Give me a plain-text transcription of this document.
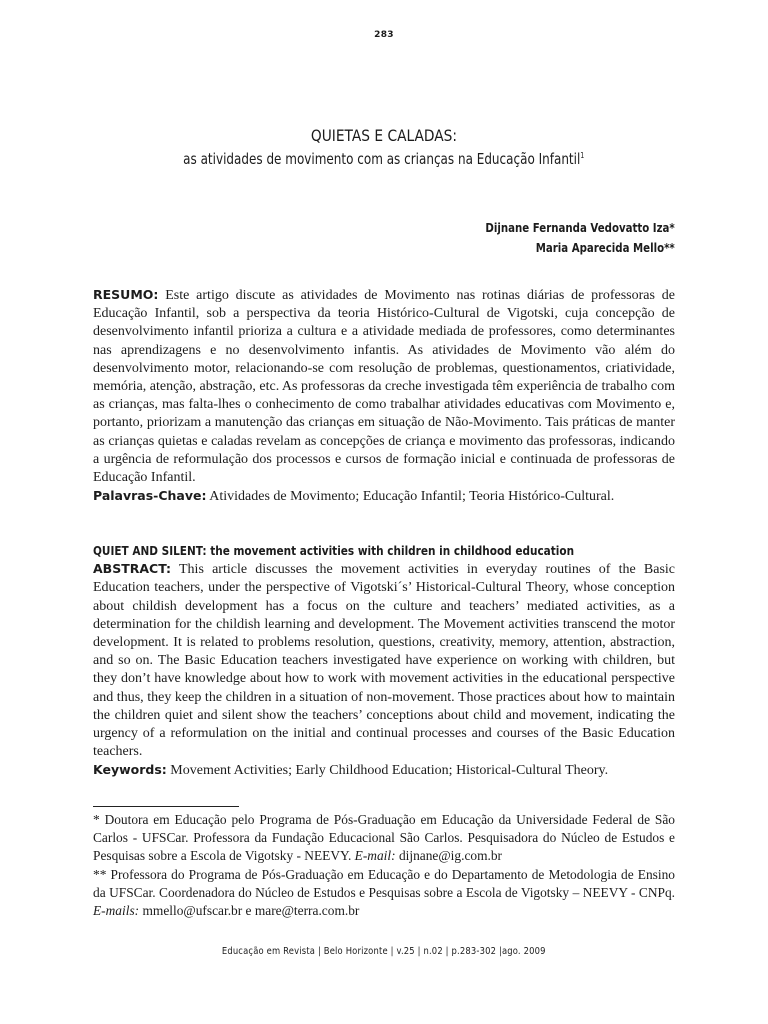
283
QUIETAS E CALADAS:
as atividades de movimento com as crianças na Educação Infantil$^1$
Dijnane Fernanda Vedovatto Iza*
Maria Aparecida Mello**
RESUMO: Este artigo discute as atividades de Movimento nas rotinas diárias de professoras de Educação Infantil, sob a perspectiva da teoria Histórico-Cultural de Vigotski, cuja concepção de desenvolvimento infantil prioriza a cultura e a atividade mediada de professores, como determinantes nas aprendizagens e no desenvolvimento infantis. As atividades de Movimento vão além do desenvolvimento motor, relacionando-se com resolução de problemas, questionamentos, criatividade, memória, atenção, abstração, etc. As professoras da creche investigada têm experiência de trabalho com as crianças, mas falta-lhes o conhecimento de como trabalhar atividades educativas com Movimento e, portanto, priorizam a manutenção das crianças em situação de Não-Movimento. Tais práticas de manter as crianças quietas e caladas revelam as concepções de criança e movimento das professoras, indicando a urgência de reformulação dos processos e cursos de formação inicial e continuada de professoras de Educação Infantil.
Palavras-Chave: Atividades de Movimento; Educação Infantil; Teoria Histórico-Cultural.
QUIET AND SILENT: the movement activities with children in childhood education
ABSTRACT: This article discusses the movement activities in everyday routines of the Basic Education teachers, under the perspective of Vigotski´s’ Historical-Cultural Theory, whose conception about childish development has a focus on the culture and teachers’ mediated activities, as a determination for the childish learning and development. The Movement activities transcend the motor development. It is related to problems resolution, questions, creativity, memory, attention, abstraction, and so on. The Basic Education teachers investigated have experience on working with children, but they don’t have knowledge about how to work with movement activities in the educational perspective and thus, they keep the children in a situation of non-movement. Those practices about how to maintain the children quiet and silent show the teachers’ conceptions about child and movement, indicating the urgency of a reformulation on the initial and continual processes and courses of the Basic Education teachers.
Keywords: Movement Activities; Early Childhood Education; Historical-Cultural Theory.
* Doutora em Educação pelo Programa de Pós-Graduação em Educação da Universidade Federal de São Carlos - UFSCar. Professora da Fundação Educacional São Carlos. Pesquisadora do Núcleo de Estudos e Pesquisas sobre a Escola de Vigotsky - NEEVY. E-mail: dijnane@ig.com.br
** Professora do Programa de Pós-Graduação em Educação e do Departamento de Metodologia de Ensino da UFSCar. Coordenadora do Núcleo de Estudos e Pesquisas sobre a Escola de Vigotsky – NEEVY - CNPq. E-mails: mmello@ufscar.br e mare@terra.com.br
Educação em Revista | Belo Horizonte | v.25 | n.02 | p.283-302 |ago. 2009
